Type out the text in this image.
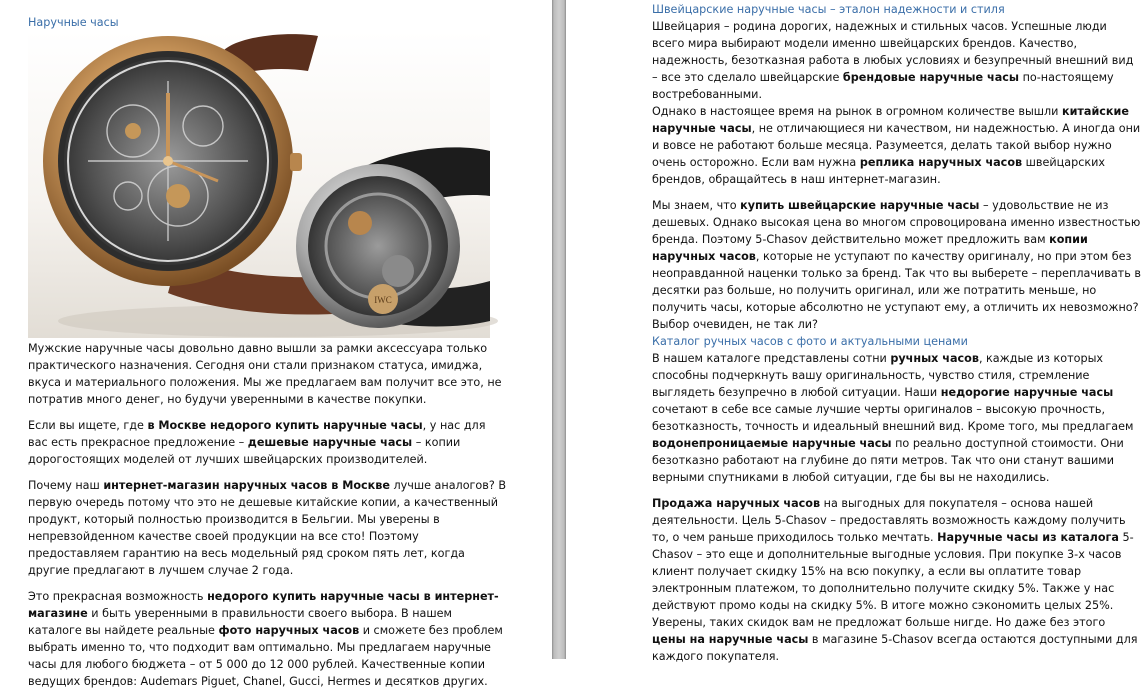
Наручные часы
IWC

Мужские наручные часы довольно давно вышли за рамки аксессуара только практического назначения. Сегодня они стали признаком статуса, имиджа, вкуса и материального положения. Мы же предлагаем вам получит все это, не потратив много денег, но будучи уверенными в качестве покупки.

Если вы ищете, где в Москве недорого купить наручные часы, у нас для вас есть прекрасное предложение – дешевые наручные часы – копии дорогостоящих моделей от лучших швейцарских производителей.

Почему наш интернет-магазин наручных часов в Москве лучше аналогов? В первую очередь потому что это не дешевые китайские копии, а качественный продукт, который полностью производится в Бельгии. Мы уверены в непревзойденном качестве своей продукции на все сто! Поэтому предоставляем гарантию на весь модельный ряд сроком пять лет, когда другие предлагают в лучшем случае 2 года.

Это прекрасная возможность недорого купить наручные часы в интернет-магазине и быть уверенными в правильности своего выбора. В нашем каталоге вы найдете реальные фото наручных часов и сможете без проблем выбрать именно то, что подходит вам оптимально. Мы предлагаем наручные часы для любого бюджета – от 5 000 до 12 000 рублей. Качественные копии ведущих брендов: Audemars Piguet, Chanel, Gucci, Hermes и десятков других.

Швейцарские наручные часы – эталон надежности и стиля

Швейцария – родина дорогих, надежных и стильных часов. Успешные люди всего мира выбирают модели именно швейцарских брендов. Качество, надежность, безотказная работа в любых условиях и безупречный внешний вид – все это сделало швейцарские брендовые наручные часы по-настоящему востребованными.

Однако в настоящее время на рынок в огромном количестве вышли китайские наручные часы, не отличающиеся ни качеством, ни надежностью. А иногда они и вовсе не работают больше месяца. Разумеется, делать такой выбор нужно очень осторожно. Если вам нужна реплика наручных часов швейцарских брендов, обращайтесь в наш интернет-магазин.

Мы знаем, что купить швейцарские наручные часы – удовольствие не из дешевых. Однако высокая цена во многом спровоцирована именно известностью бренда. Поэтому 5-Chasov действительно может предложить вам копии наручных часов, которые не уступают по качеству оригиналу, но при этом без неоправданной наценки только за бренд. Так что вы выберете – переплачивать в десятки раз больше, но получить оригинал, или же потратить меньше, но получить часы, которые абсолютно не уступают ему, а отличить их невозможно? Выбор очевиден, не так ли?

Каталог ручных часов с фото и актуальными ценами

В нашем каталоге представлены сотни ручных часов, каждые из которых способны подчеркнуть вашу оригинальность, чувство стиля, стремление выглядеть безупречно в любой ситуации. Наши недорогие наручные часы сочетают в себе все самые лучшие черты оригиналов – высокую прочность, безотказность, точность и идеальный внешний вид. Кроме того, мы предлагаем водонепроницаемые наручные часы по реально доступной стоимости. Они безотказно работают на глубине до пяти метров. Так что они станут вашими верными спутниками в любой ситуации, где бы вы не находились.

Продажа наручных часов на выгодных для покупателя – основа нашей деятельности. Цель 5-Chasov – предоставлять возможность каждому получить то, о чем раньше приходилось только мечтать. Наручные часы из каталога 5-Chasov – это еще и дополнительные выгодные условия. При покупке 3-х часов клиент получает скидку 15% на всю покупку, а если вы оплатите товар электронным платежом, то дополнительно получите скидку 5%. Также у нас действуют промо коды на скидку 5%. В итоге можно сэкономить целых 25%. Уверены, таких скидок вам не предложат больше нигде. Но даже без этого цены на наручные часы в магазине 5-Chasov всегда остаются доступными для каждого покупателя.
